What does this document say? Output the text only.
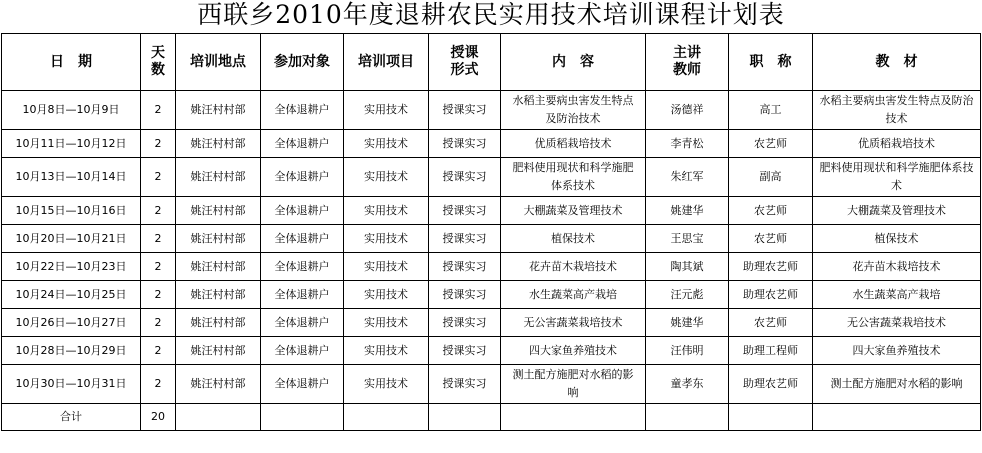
西联乡2010年度退耕农民实用技术培训课程计划表
日　期	天数	培训地点	参加对象	培训项目	授课形式	内　容	主讲教师	职　称	教　材
10月8日—10月9日	2	姚汪村村部	全体退耕户	实用技术	授课实习	水稻主要病虫害发生特点及防治技术	汤德祥	高工	水稻主要病虫害发生特点及防治技术
10月11日—10月12日	2	姚汪村村部	全体退耕户	实用技术	授课实习	优质稻栽培技术	李青松	农艺师	优质稻栽培技术
10月13日—10月14日	2	姚汪村村部	全体退耕户	实用技术	授课实习	肥料使用现状和科学施肥体系技术	朱红军	副高	肥料使用现状和科学施肥体系技术
10月15日—10月16日	2	姚汪村村部	全体退耕户	实用技术	授课实习	大棚蔬菜及管理技术	姚建华	农艺师	大棚蔬菜及管理技术
10月20日—10月21日	2	姚汪村村部	全体退耕户	实用技术	授课实习	植保技术	王思宝	农艺师	植保技术
10月22日—10月23日	2	姚汪村村部	全体退耕户	实用技术	授课实习	花卉苗木栽培技术	陶其斌	助理农艺师	花卉苗木栽培技术
10月24日—10月25日	2	姚汪村村部	全体退耕户	实用技术	授课实习	水生蔬菜高产栽培	汪元彪	助理农艺师	水生蔬菜高产栽培
10月26日—10月27日	2	姚汪村村部	全体退耕户	实用技术	授课实习	无公害蔬菜栽培技术	姚建华	农艺师	无公害蔬菜栽培技术
10月28日—10月29日	2	姚汪村村部	全体退耕户	实用技术	授课实习	四大家鱼养殖技术	汪伟明	助理工程师	四大家鱼养殖技术
10月30日—10月31日	2	姚汪村村部	全体退耕户	实用技术	授课实习	测土配方施肥对水稻的影响	童孝东	助理农艺师	测土配方施肥对水稻的影响
合计	20								
